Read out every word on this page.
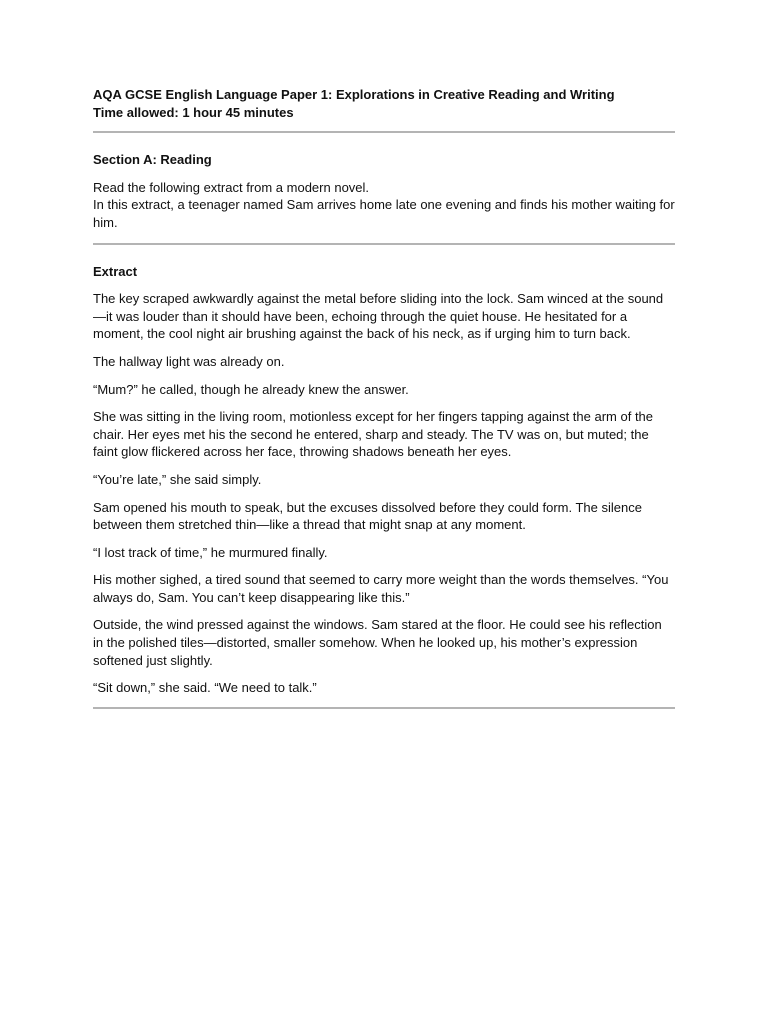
AQA GCSE English Language Paper 1: Explorations in Creative Reading and Writing

Time allowed: 1 hour 45 minutes

Section A: Reading

Read the following extract from a modern novel.

In this extract, a teenager named Sam arrives home late one evening and finds his mother waiting for him.

Extract

The key scraped awkwardly against the metal before sliding into the lock. Sam winced at the sound—it was louder than it should have been, echoing through the quiet house. He hesitated for a moment, the cool night air brushing against the back of his neck, as if urging him to turn back.

The hallway light was already on.

“Mum?” he called, though he already knew the answer.

She was sitting in the living room, motionless except for her fingers tapping against the arm of the chair. Her eyes met his the second he entered, sharp and steady. The TV was on, but muted; the faint glow flickered across her face, throwing shadows beneath her eyes.

“You’re late,” she said simply.

Sam opened his mouth to speak, but the excuses dissolved before they could form. The silence between them stretched thin—like a thread that might snap at any moment.

“I lost track of time,” he murmured finally.

His mother sighed, a tired sound that seemed to carry more weight than the words themselves. “You always do, Sam. You can’t keep disappearing like this.”

Outside, the wind pressed against the windows. Sam stared at the floor. He could see his reflection in the polished tiles—distorted, smaller somehow. When he looked up, his mother’s expression softened just slightly.

“Sit down,” she said. “We need to talk.”
